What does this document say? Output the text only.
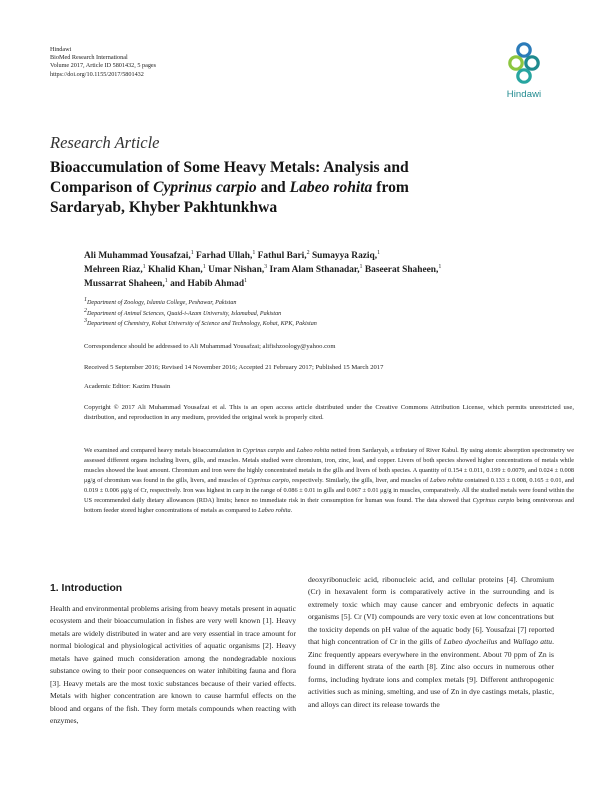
Hindawi
BioMed Research International
Volume 2017, Article ID 5801432, 5 pages
https://doi.org/10.1155/2017/5801432
Hindawi
Research Article
Bioaccumulation of Some Heavy Metals: Analysis and
Comparison of Cyprinus carpio and Labeo rohita from
Sardaryab, Khyber Pakhtunkhwa
Ali Muhammad Yousafzai,$^1$ Farhad Ullah,$^1$ Fathul Bari,$^2$ Sumayya Raziq,$^1$
Mehreen Riaz,$^1$ Khalid Khan,$^1$ Umar Nishan,$^3$ Iram Alam Sthanadar,$^1$ Baseerat Shaheen,$^1$
Mussarrat Shaheen,$^1$ and Habib Ahmad$^1$
$^1$Department of Zoology, Islamia College, Peshawar, Pakistan
$^2$Department of Animal Sciences, Quaid-i-Azam University, Islamabad, Pakistan
$^3$Department of Chemistry, Kohat University of Science and Technology, Kohat, KPK, Pakistan
Correspondence should be addressed to Ali Muhammad Yousafzai; alifishzoology@yahoo.com
Received 5 September 2016; Revised 14 November 2016; Accepted 21 February 2017; Published 15 March 2017
Academic Editor: Kazim Husain
Copyright © 2017 Ali Muhammad Yousafzai et al. This is an open access article distributed under the Creative Commons Attribution License, which permits unrestricted use, distribution, and reproduction in any medium, provided the original work is properly cited.
We examined and compared heavy metals bioaccumulation in Cyprinus carpio and Labeo rohita netted from Sardaryab, a tributary of River Kabul. By using atomic absorption spectrometry we assessed different organs including livers, gills, and muscles. Metals studied were chromium, iron, zinc, lead, and copper. Livers of both species showed higher concentrations of metals while muscles showed the least amount. Chromium and iron were the highly concentrated metals in the gills and livers of both species. A quantity of 0.154 ± 0.011, 0.199 ± 0.0079, and 0.024 ± 0.008 μg/g of chromium was found in the gills, livers, and muscles of Cyprinus carpio, respectively. Similarly, the gills, liver, and muscles of Labeo rohita contained 0.133 ± 0.008, 0.165 ± 0.01, and 0.019 ± 0.006 μg/g of Cr, respectively. Iron was highest in carp in the range of 0.086 ± 0.01 in gills and 0.067 ± 0.01 μg/g in muscles, comparatively. All the studied metals were found within the US recommended daily dietary allowances (RDA) limits; hence no immediate risk in their consumption for human was found. The data showed that Cyprinus carpio being omnivorous and bottom feeder stored higher concentrations of metals as compared to Labeo rohita.
1. Introduction
Health and environmental problems arising from heavy metals present in aquatic ecosystem and their bioaccumulation in fishes are very well known [1]. Heavy metals are widely distributed in water and are very essential in trace amount for normal biological and physiological activities of aquatic organisms [2]. Heavy metals have gained much consideration among the nondegradable noxious substance owing to their poor consequences on water inhibiting fauna and flora [3]. Heavy metals are the most toxic substances because of their varied effects. Metals with higher concentration are known to cause harmful effects on the blood and organs of the fish. They form metals compounds when reacting with enzymes,
deoxyribonucleic acid, ribonucleic acid, and cellular proteins [4]. Chromium (Cr) in hexavalent form is comparatively active in the surrounding and is extremely toxic which may cause cancer and embryonic defects in aquatic organisms [5]. Cr (VI) compounds are very toxic even at low concentrations but the toxicity depends on pH value of the aquatic body [6]. Yousafzai [7] reported that high concentration of Cr in the gills of Labeo dyocheilus and Wallago attu. Zinc frequently appears everywhere in the environment. About 70 ppm of Zn is found in different strata of the earth [8]. Zinc also occurs in numerous other forms, including hydrate ions and complex metals [9]. Different anthropogenic activities such as mining, smelting, and use of Zn in dye castings metals, plastic, and alloys can direct its release towards the
